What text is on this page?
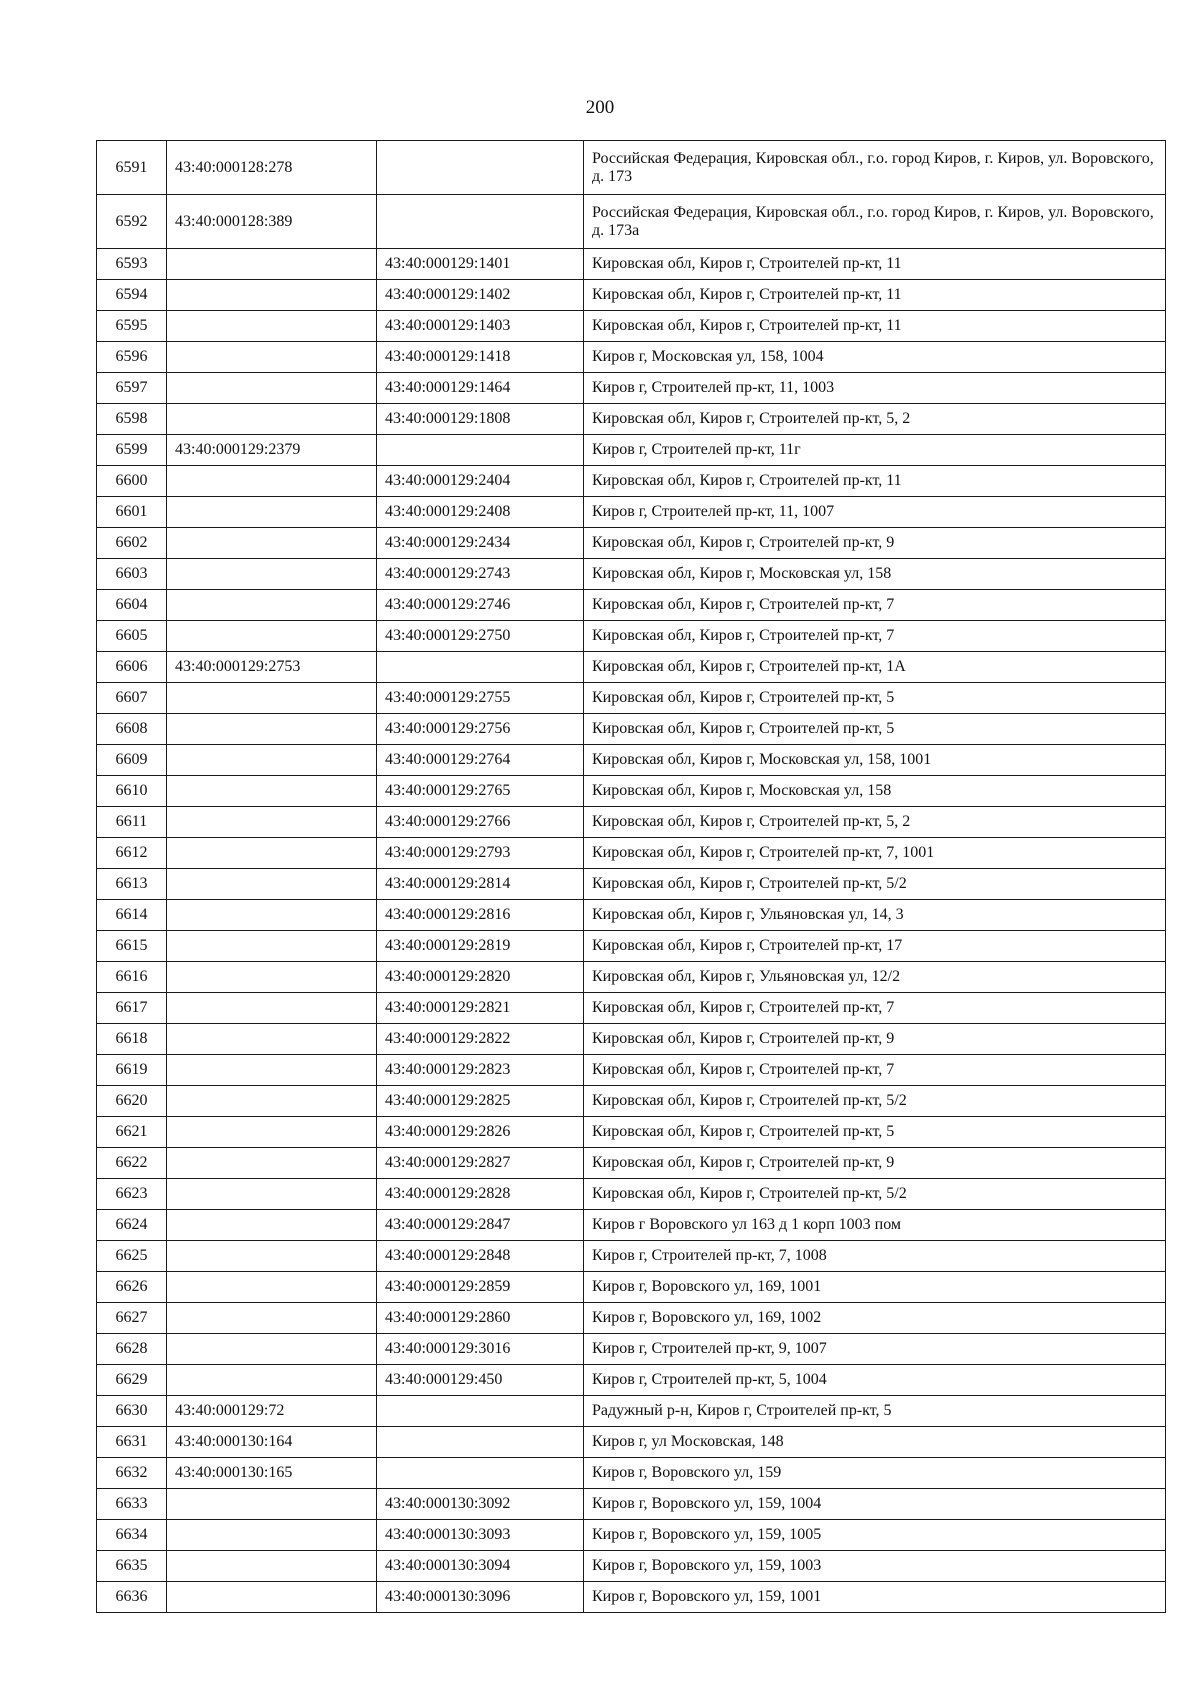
200
6591	43:40:000128:278		Российская Федерация, Кировская обл., г.о. город Киров, г. Киров, ул. Воровского, д. 173
6592	43:40:000128:389		Российская Федерация, Кировская обл., г.о. город Киров, г. Киров, ул. Воровского, д. 173а
6593		43:40:000129:1401	Кировская обл, Киров г, Строителей пр-кт, 11
6594		43:40:000129:1402	Кировская обл, Киров г, Строителей пр-кт, 11
6595		43:40:000129:1403	Кировская обл, Киров г, Строителей пр-кт, 11
6596		43:40:000129:1418	Киров г, Московская ул, 158, 1004
6597		43:40:000129:1464	Киров г, Строителей пр-кт, 11, 1003
6598		43:40:000129:1808	Кировская обл, Киров г, Строителей пр-кт, 5, 2
6599	43:40:000129:2379		Киров г, Строителей пр-кт, 11г
6600		43:40:000129:2404	Кировская обл, Киров г, Строителей пр-кт, 11
6601		43:40:000129:2408	Киров г, Строителей пр-кт, 11, 1007
6602		43:40:000129:2434	Кировская обл, Киров г, Строителей пр-кт, 9
6603		43:40:000129:2743	Кировская обл, Киров г, Московская ул, 158
6604		43:40:000129:2746	Кировская обл, Киров г, Строителей пр-кт, 7
6605		43:40:000129:2750	Кировская обл, Киров г, Строителей пр-кт, 7
6606	43:40:000129:2753		Кировская обл, Киров г, Строителей пр-кт, 1А
6607		43:40:000129:2755	Кировская обл, Киров г, Строителей пр-кт, 5
6608		43:40:000129:2756	Кировская обл, Киров г, Строителей пр-кт, 5
6609		43:40:000129:2764	Кировская обл, Киров г, Московская ул, 158, 1001
6610		43:40:000129:2765	Кировская обл, Киров г, Московская ул, 158
6611		43:40:000129:2766	Кировская обл, Киров г, Строителей пр-кт, 5, 2
6612		43:40:000129:2793	Кировская обл, Киров г, Строителей пр-кт, 7, 1001
6613		43:40:000129:2814	Кировская обл, Киров г, Строителей пр-кт, 5/2
6614		43:40:000129:2816	Кировская обл, Киров г, Ульяновская ул, 14, 3
6615		43:40:000129:2819	Кировская обл, Киров г, Строителей пр-кт, 17
6616		43:40:000129:2820	Кировская обл, Киров г, Ульяновская ул, 12/2
6617		43:40:000129:2821	Кировская обл, Киров г, Строителей пр-кт, 7
6618		43:40:000129:2822	Кировская обл, Киров г, Строителей пр-кт, 9
6619		43:40:000129:2823	Кировская обл, Киров г, Строителей пр-кт, 7
6620		43:40:000129:2825	Кировская обл, Киров г, Строителей пр-кт, 5/2
6621		43:40:000129:2826	Кировская обл, Киров г, Строителей пр-кт, 5
6622		43:40:000129:2827	Кировская обл, Киров г, Строителей пр-кт, 9
6623		43:40:000129:2828	Кировская обл, Киров г, Строителей пр-кт, 5/2
6624		43:40:000129:2847	Киров г Воровского ул 163 д 1 корп 1003 пом
6625		43:40:000129:2848	Киров г, Строителей пр-кт, 7, 1008
6626		43:40:000129:2859	Киров г, Воровского ул, 169, 1001
6627		43:40:000129:2860	Киров г, Воровского ул, 169, 1002
6628		43:40:000129:3016	Киров г, Строителей пр-кт, 9, 1007
6629		43:40:000129:450	Киров г, Строителей пр-кт, 5, 1004
6630	43:40:000129:72		Радужный р-н, Киров г, Строителей пр-кт, 5
6631	43:40:000130:164		Киров г, ул Московская, 148
6632	43:40:000130:165		Киров г, Воровского ул, 159
6633		43:40:000130:3092	Киров г, Воровского ул, 159, 1004
6634		43:40:000130:3093	Киров г, Воровского ул, 159, 1005
6635		43:40:000130:3094	Киров г, Воровского ул, 159, 1003
6636		43:40:000130:3096	Киров г, Воровского ул, 159, 1001
